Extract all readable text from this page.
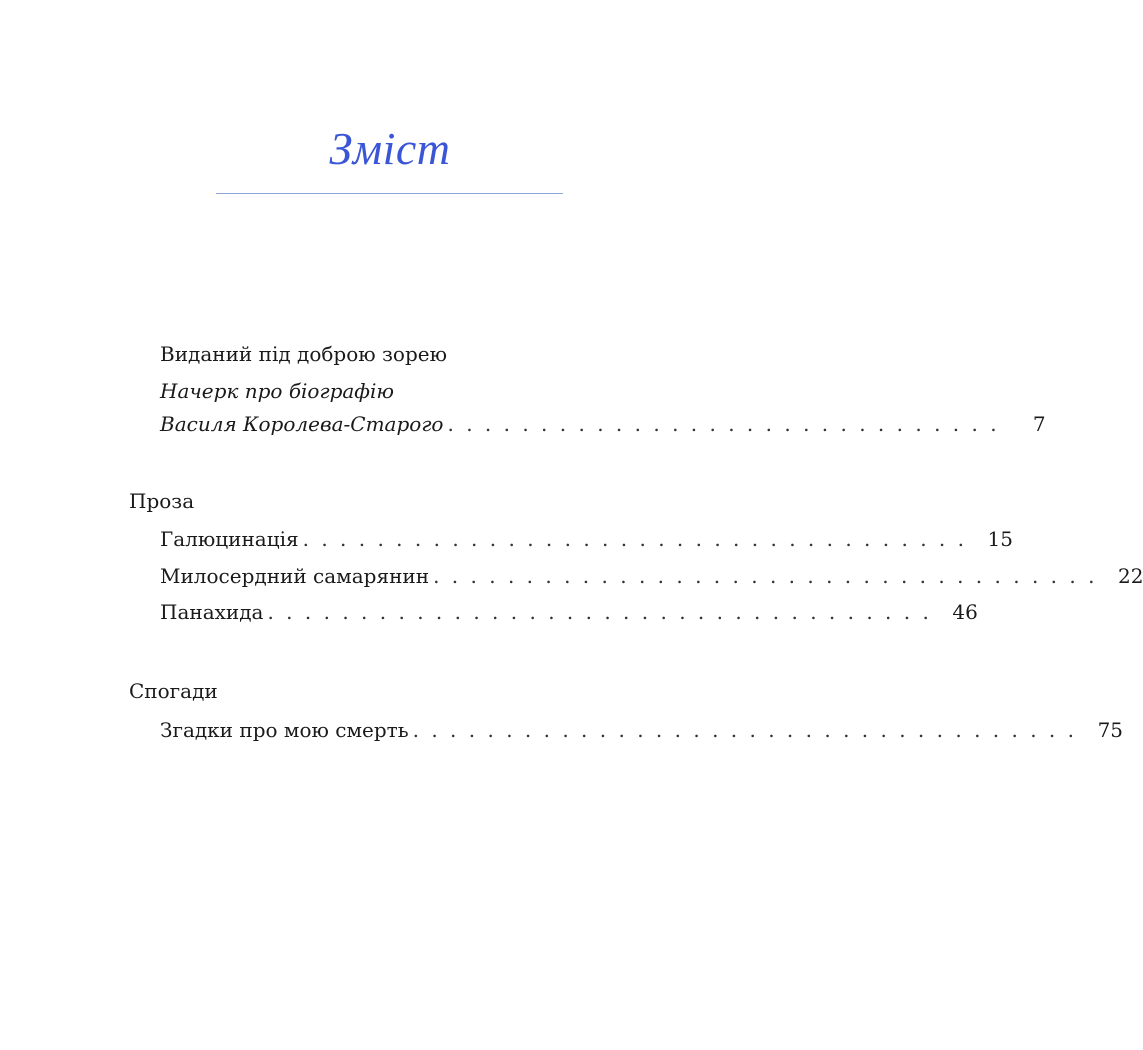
Зміст
Виданий під доброю зорею
Начерк про біографію
Василя Королева-Старого . . . . . . . . . . . . . . . . . . . . . . . . . . . . . .	7
Проза
Галюцинація . . . . . . . . . . . . . . . . . . . . . . . . . . . . . . . . . . . .	15
Милосердний самарянин . . . . . . . . . . . . . . . . . . . . . . . . . . . . . . . . . . . .	22
Панахида . . . . . . . . . . . . . . . . . . . . . . . . . . . . . . . . . . . .	46
Спогади
Згадки про мою смерть . . . . . . . . . . . . . . . . . . . . . . . . . . . . . . . . . . . .	75
